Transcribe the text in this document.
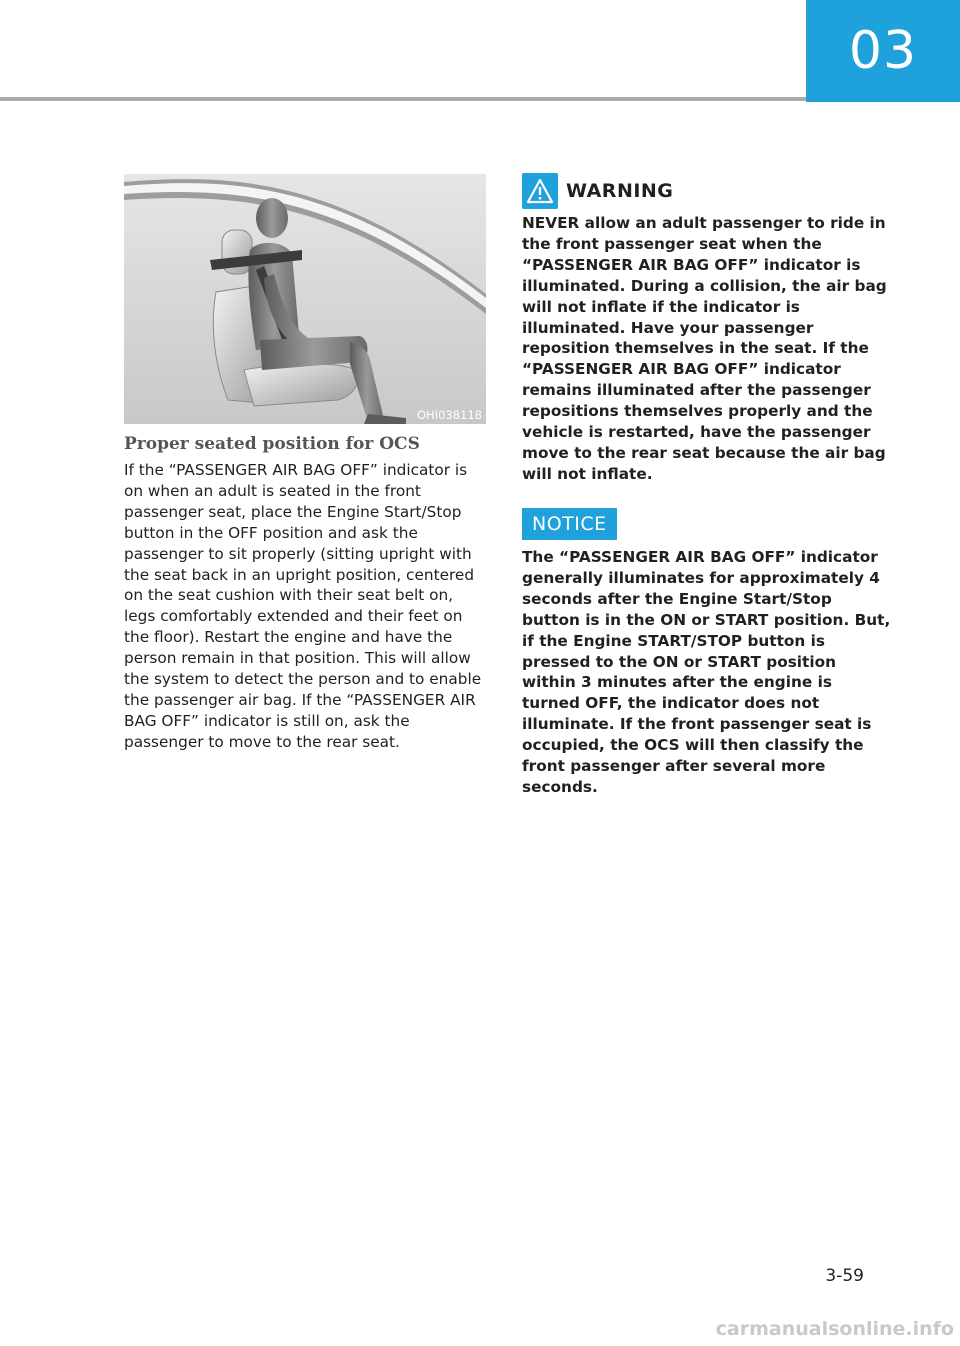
03
OHI038118

Proper seated position for OCS

If the “PASSENGER AIR BAG OFF” indicator is on when an adult is seated in the front passenger seat, place the Engine Start/Stop button in the OFF position and ask the passenger to sit properly (sitting upright with the seat back in an upright position, centered on the seat cushion with their seat belt on, legs comfortably extended and their feet on the floor). Restart the engine and have the person remain in that position. This will allow the system to detect the person and to enable the passenger air bag. If the “PASSENGER AIR BAG OFF” indicator is still on, ask the passenger to move to the rear seat.

WARNING

NEVER allow an adult passenger to ride in the front passenger seat when the “PASSENGER AIR BAG OFF” indicator is illuminated. During a collision, the air bag will not inflate if the indicator is illuminated. Have your passenger reposition themselves in the seat. If the “PASSENGER AIR BAG OFF” indicator remains illuminated after the passenger repositions themselves properly and the vehicle is restarted, have the passenger move to the rear seat because the air bag will not inflate.

NOTICE

The “PASSENGER AIR BAG OFF” indicator generally illuminates for approximately 4 seconds after the Engine Start/Stop button is in the ON or START position. But, if the Engine START/STOP button is pressed to the ON or START position within 3 minutes after the engine is turned OFF, the indicator does not illuminate. If the front passenger seat is occupied, the OCS will then classify the front passenger after several more seconds.

3-59
carmanualsonline.info
